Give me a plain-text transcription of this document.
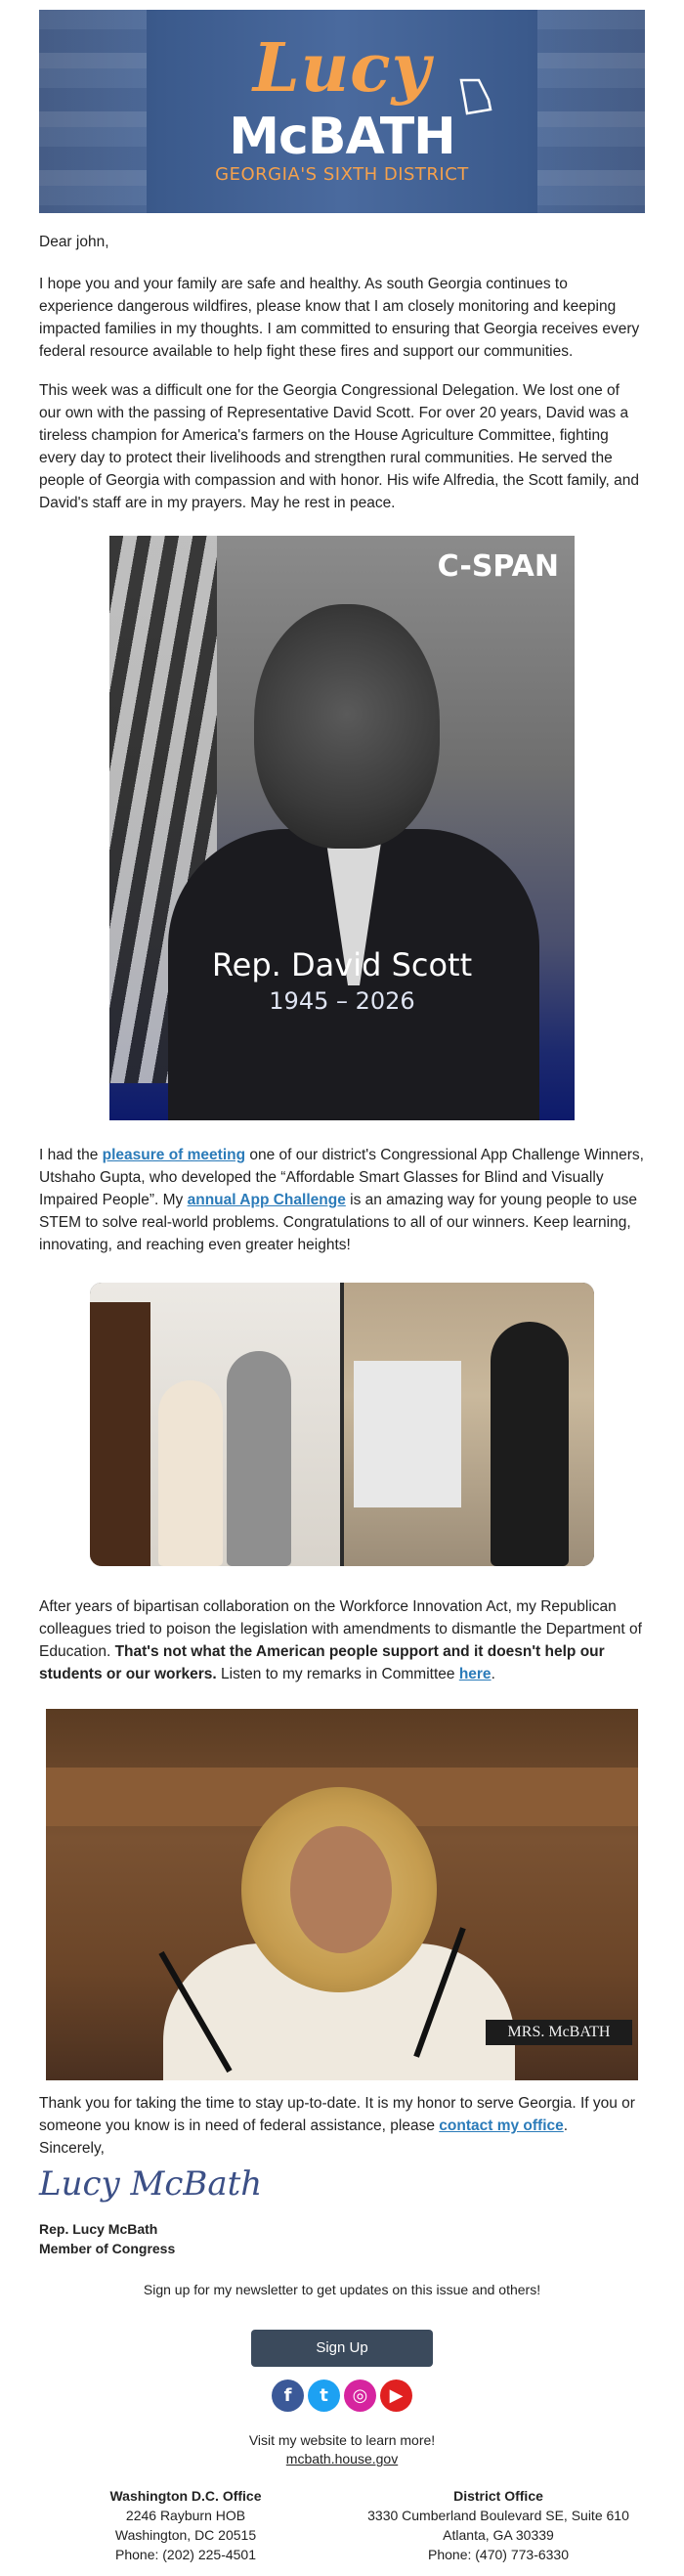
Lucy
McBATH
GEORGIA'S SIXTH DISTRICT

Dear john,

I hope you and your family are safe and healthy. As south Georgia continues to experience dangerous wildfires, please know that I am closely monitoring and keeping impacted families in my thoughts. I am committed to ensuring that Georgia receives every federal resource available to help fight these fires and support our communities.

This week was a difficult one for the Georgia Congressional Delegation. We lost one of our own with the passing of Representative David Scott. For over 20 years, David was a tireless champion for America's farmers on the House Agriculture Committee, fighting every day to protect their livelihoods and strengthen rural communities. He served the people of Georgia with compassion and with honor. His wife Alfredia, the Scott family, and David's staff are in my prayers. May he rest in peace.

C-SPAN
Rep. David Scott
1945 – 2026

I had the pleasure of meeting one of our district's Congressional App Challenge Winners, Utshaho Gupta, who developed the “Affordable Smart Glasses for Blind and Visually Impaired People”. My annual App Challenge is an amazing way for young people to use STEM to solve real-world problems. Congratulations to all of our winners. Keep learning, innovating, and reaching even greater heights!

After years of bipartisan collaboration on the Workforce Innovation Act, my Republican colleagues tried to poison the legislation with amendments to dismantle the Department of Education. That's not what the American people support and it doesn't help our students or our workers. Listen to my remarks in Committee here.

MRS. McBATH

Thank you for taking the time to stay up-to-date. It is my honor to serve Georgia. If you or someone you know is in need of federal assistance, please contact my office.

Sincerely,

Lucy McBath

Rep. Lucy McBath

Member of Congress

Sign up for my newsletter to get updates on this issue and others!
Sign Up
f	t	◎	▶
Visit my website to learn more!
mcbath.house.gov
Washington D.C. Office
2246 Rayburn HOB
Washington, DC 20515
Phone: (202) 225-4501
District Office
3330 Cumberland Boulevard SE, Suite 610
Atlanta, GA 30339
Phone: (470) 773-6330
